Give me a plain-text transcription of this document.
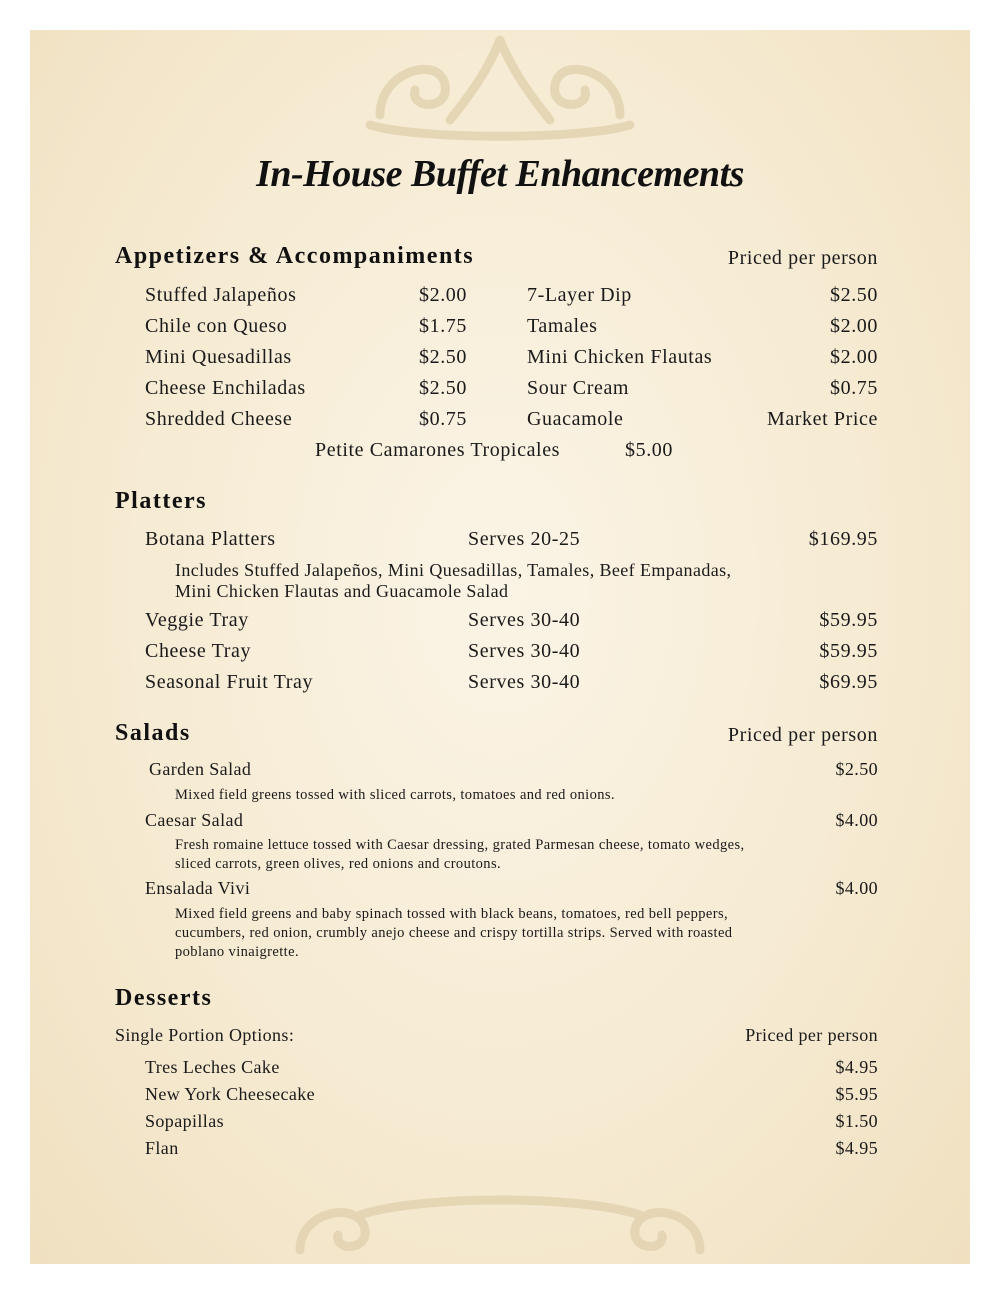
In-House Buffet Enhancements
Appetizers & Accompaniments	Priced per person
Stuffed Jalapeños	$2.00
Chile con Queso	$1.75
Mini Quesadillas	$2.50
Cheese Enchiladas	$2.50
Shredded Cheese	$0.75
7-Layer Dip	$2.50
Tamales	$2.00
Mini Chicken Flautas	$2.00
Sour Cream	$0.75
Guacamole	Market Price
Petite Camarones Tropicales	$5.00
Platters
Botana Platters	Serves 20-25	$169.95
Includes Stuffed Jalapeños, Mini Quesadillas, Tamales, Beef Empanadas,
Mini Chicken Flautas and Guacamole Salad
Veggie Tray	Serves 30-40	$59.95
Cheese Tray	Serves 30-40	$59.95
Seasonal Fruit Tray	Serves 30-40	$69.95
Salads	Priced per person
Garden Salad	$2.50
Mixed field greens tossed with sliced carrots, tomatoes and red onions.
Caesar Salad	$4.00
Fresh romaine lettuce tossed with Caesar dressing, grated Parmesan cheese, tomato wedges,
sliced carrots, green olives, red onions and croutons.
Ensalada Vivi	$4.00
Mixed field greens and baby spinach tossed with black beans, tomatoes, red bell peppers,
cucumbers, red onion, crumbly anejo cheese and crispy tortilla strips. Served with roasted
poblano vinaigrette.
Desserts
Single Portion Options:	Priced per person
Tres Leches Cake	$4.95
New York Cheesecake	$5.95
Sopapillas	$1.50
Flan	$4.95
